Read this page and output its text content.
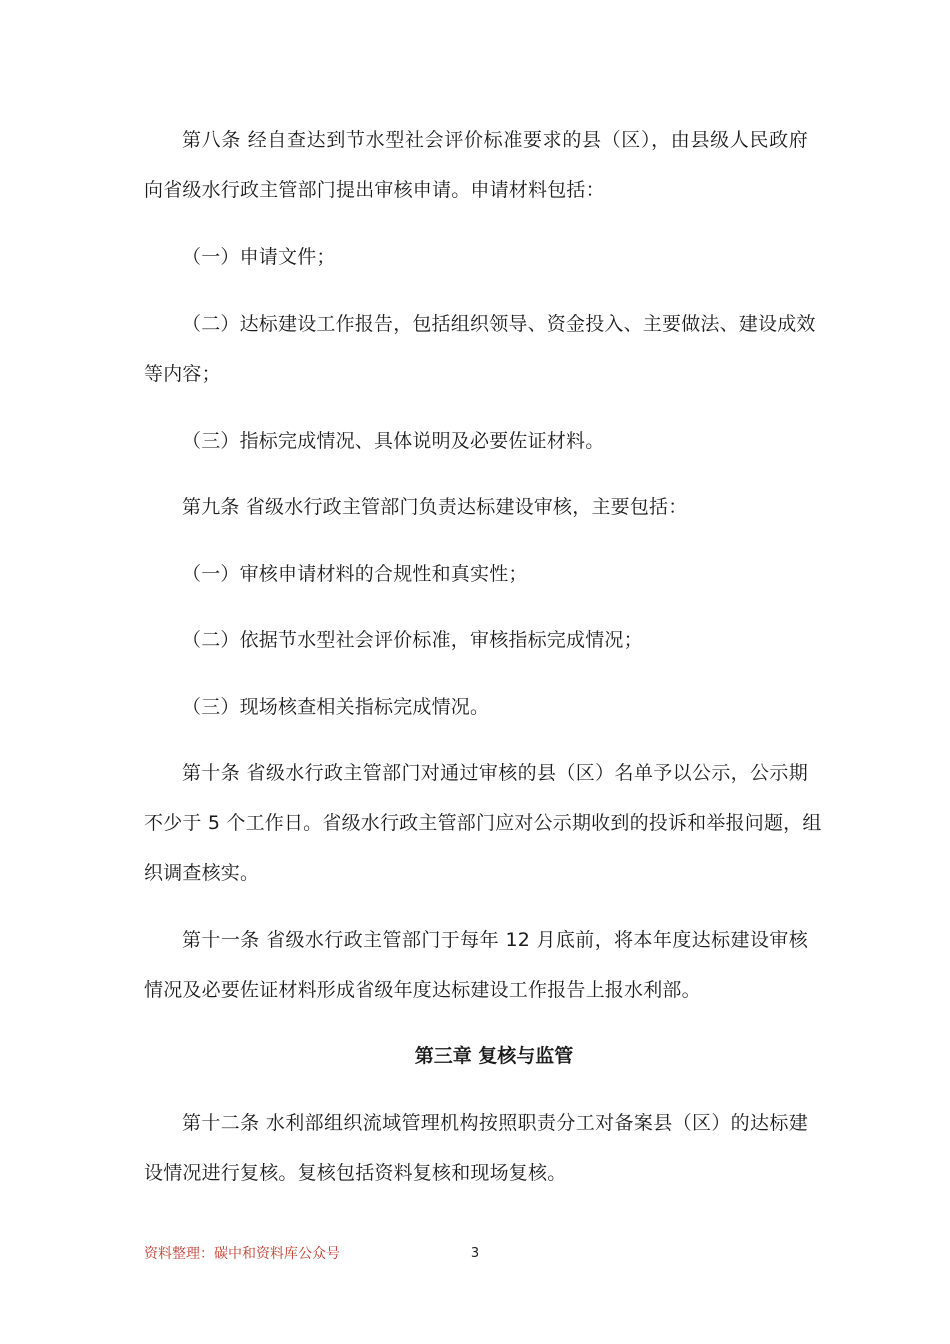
第八条 经自查达到节水型社会评价标准要求的县（区），由县级人民政府
向省级水行政主管部门提出审核申请。申请材料包括：
（一）申请文件；
（二）达标建设工作报告，包括组织领导、资金投入、主要做法、建设成效
等内容；
（三）指标完成情况、具体说明及必要佐证材料。
第九条 省级水行政主管部门负责达标建设审核，主要包括：
（一）审核申请材料的合规性和真实性；
（二）依据节水型社会评价标准，审核指标完成情况；
（三）现场核查相关指标完成情况。
第十条 省级水行政主管部门对通过审核的县（区）名单予以公示，公示期
不少于 5 个工作日。省级水行政主管部门应对公示期收到的投诉和举报问题，组
织调查核实。
第十一条 省级水行政主管部门于每年 12 月底前，将本年度达标建设审核
情况及必要佐证材料形成省级年度达标建设工作报告上报水利部。
第三章 复核与监管
第十二条 水利部组织流域管理机构按照职责分工对备案县（区）的达标建
设情况进行复核。复核包括资料复核和现场复核。
资料整理：碳中和资料库公众号	3
